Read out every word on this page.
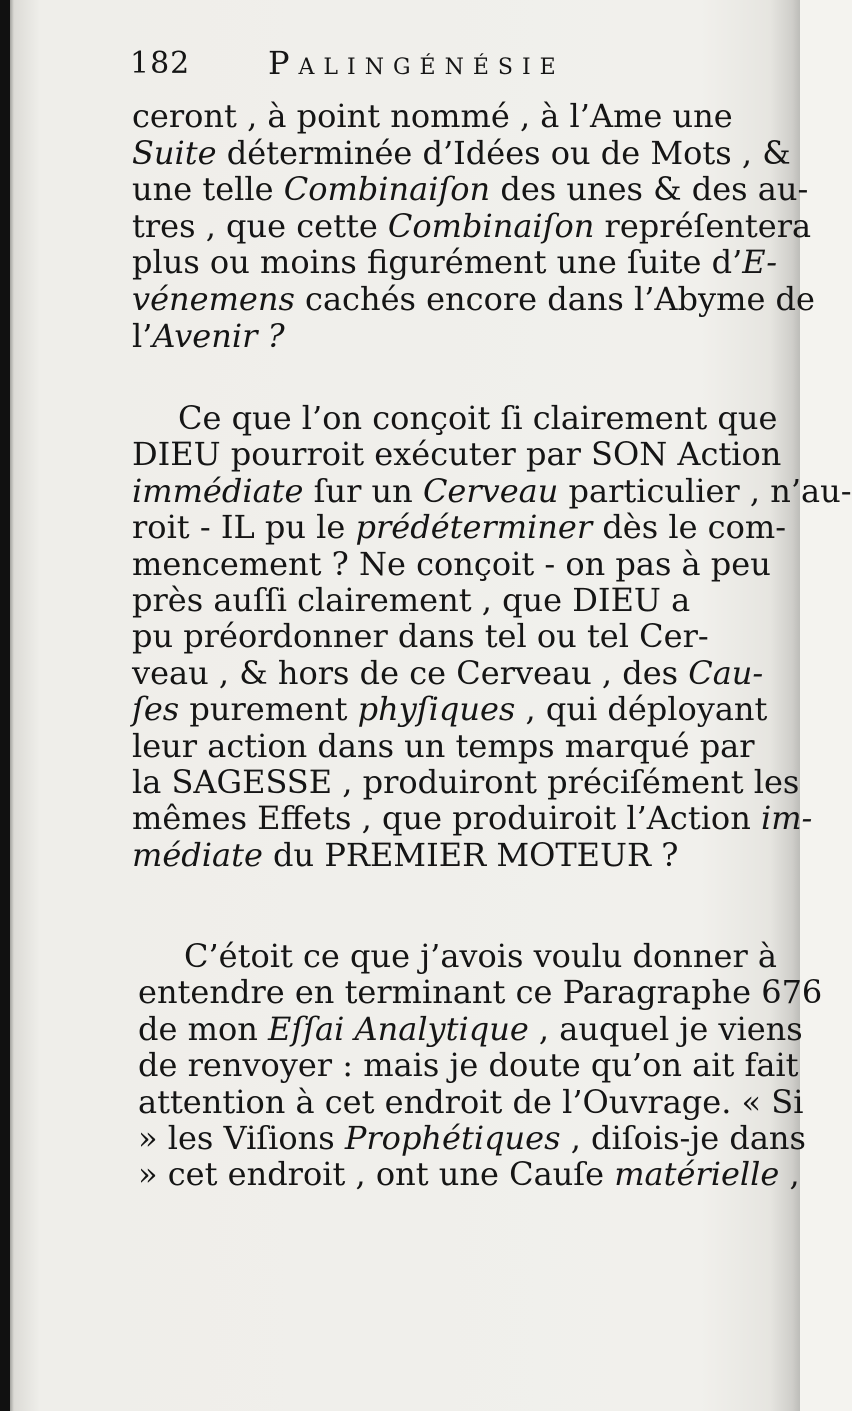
182 Palingénésie
ceront , à point nommé , à l’Ame une
Suite déterminée d’Idées ou de Mots , &
une telle Combinaiſon des unes & des au-
tres , que cette Combinaiſon repréſentera
plus ou moins figurément une ſuite d’E-
vénemens cachés encore dans l’Abyme de
l’Avenir ?
Ce que l’on conçoit ſi clairement que
DIEU pourroit exécuter par SON Action
immédiate ſur un Cerveau particulier , n’au-
roit - IL pu le prédéterminer dès le com-
mencement ? Ne conçoit - on pas à peu
près auſſi clairement , que DIEU a
pu préordonner dans tel ou tel Cer-
veau , & hors de ce Cerveau , des Cau-
ſes purement phyſiques , qui déployant
leur action dans un temps marqué par
la SAGESSE , produiront préciſément les
mêmes Effets , que produiroit l’Action im-
médiate du PREMIER MOTEUR ?
C’étoit ce que j’avois voulu donner à
entendre en terminant ce Paragraphe 676
de mon Eſſai Analytique , auquel je viens
de renvoyer : mais je doute qu’on ait fait
attention à cet endroit de l’Ouvrage. « Si
» les Viſions Prophétiques , diſois-je dans
» cet endroit , ont une Cauſe matérielle ,
